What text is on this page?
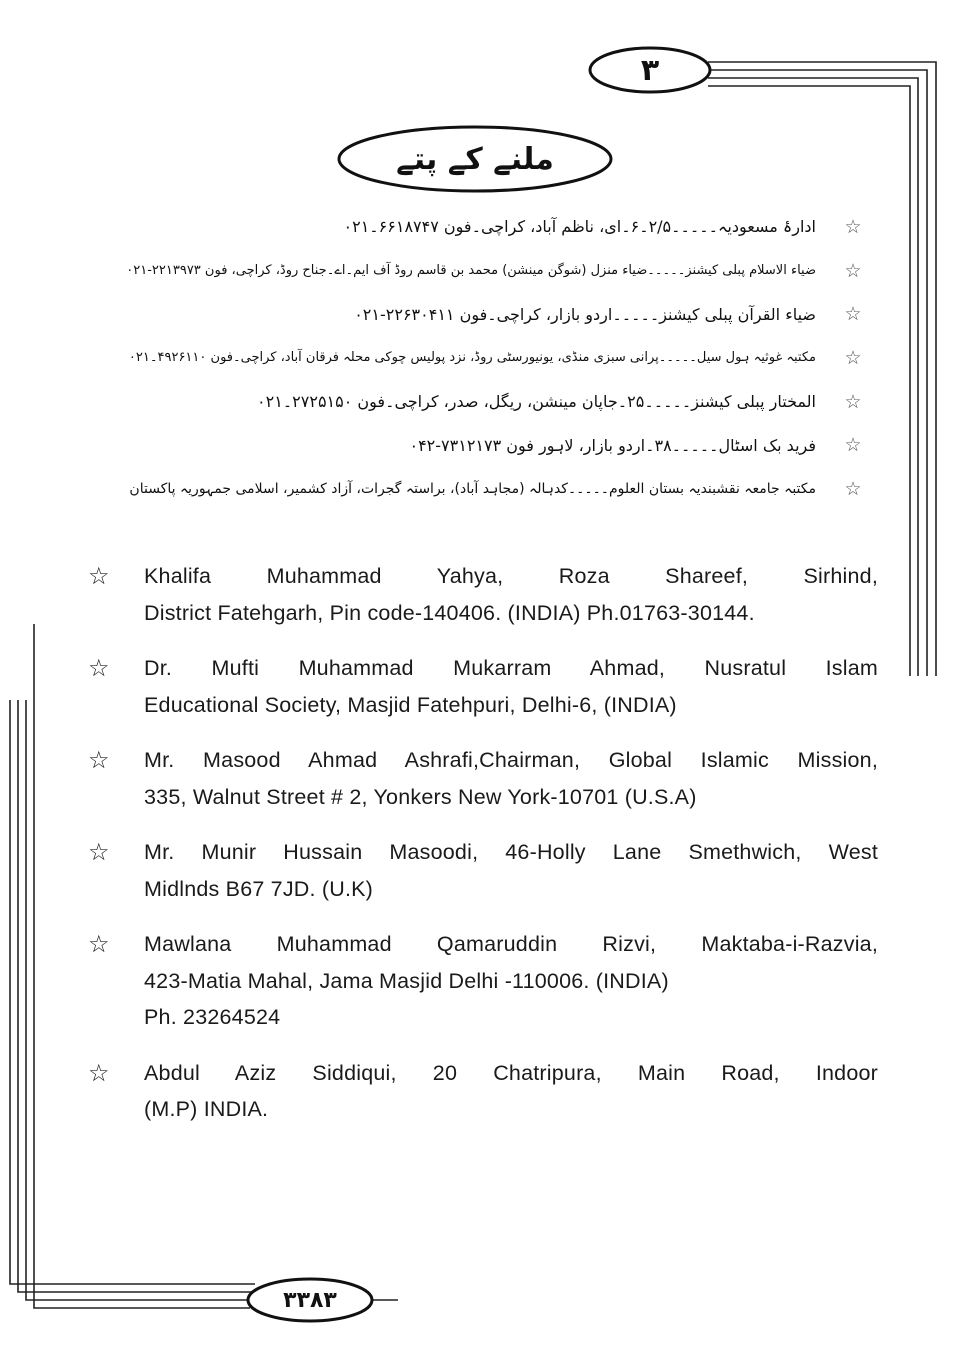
۳
ملنے کے پتے
۳۳۸۳
☆
ادارۂ مسعودیہ۔۔۔۔۔۲/۵۔۶۔ای، ناظم آباد، کراچی۔فون ۶۶۱۸۷۴۷۔۰۲۱
☆
ضیاء الاسلام پبلی کیشنز۔۔۔۔۔ضیاء منزل (شوگن مینشن) محمد بن قاسم روڈ آف ایم۔اے۔جناح روڈ، کراچی، فون ۲۲۱۳۹۷۳-۰۲۱
☆
ضیاء القرآن پبلی کیشنز۔۔۔۔۔اردو بازار، کراچی۔فون ۲۲۶۳۰۴۱۱-۰۲۱
☆
مکتبہ غوثیہ ہول سیل۔۔۔۔۔پرانی سبزی منڈی، یونیورسٹی روڈ، نزد پولیس چوکی محلہ فرقان آباد، کراچی۔فون ۴۹۲۶۱۱۰۔۰۲۱
☆
المختار پبلی کیشنز۔۔۔۔۔۲۵۔جاپان مینشن، ریگل، صدر، کراچی۔فون ۲۷۲۵۱۵۰۔۰۲۱
☆
فرید بک اسٹال۔۔۔۔۔۳۸۔اردو بازار، لاہور فون ۷۳۱۲۱۷۳-۰۴۲
☆
مکتبہ جامعہ نقشبندیہ بستان العلوم۔۔۔۔۔کدہالہ (مجاہد آباد)، براستہ گجرات، آزاد کشمیر، اسلامی جمہوریہ پاکستان
☆	Khalifa Muhammad Yahya, Roza Shareef, Sirhind,
District Fatehgarh, Pin code-140406. (INDIA) Ph.01763-30144.
☆	Dr. Mufti Muhammad Mukarram Ahmad, Nusratul Islam
Educational Society, Masjid Fatehpuri, Delhi-6, (INDIA)
☆	Mr. Masood Ahmad Ashrafi,Chairman, Global Islamic Mission,
335, Walnut Street # 2, Yonkers New York-10701 (U.S.A)
☆	Mr. Munir Hussain Masoodi, 46-Holly Lane Smethwich, West
Midlnds B67 7JD. (U.K)
☆	Mawlana Muhammad Qamaruddin Rizvi, Maktaba-i-Razvia,
423-Matia Mahal, Jama Masjid Delhi -110006. (INDIA)
Ph. 23264524
☆	Abdul Aziz Siddiqui, 20 Chatripura, Main Road, Indoor
(M.P) INDIA.
